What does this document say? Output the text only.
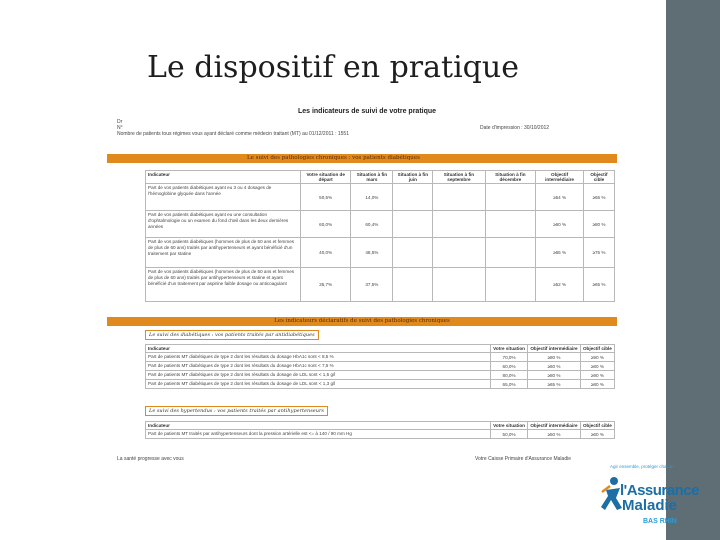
Le dispositif en pratique
Les indicateurs de suivi de votre pratique
Dr
N°
Nombre de patients tous régimes vous ayant déclaré comme médecin traitant (MT) au 01/12/2011 : 1551
Date d'impression : 30/10/2012
Le suivi des pathologies chroniques : vos patients diabétiques
Indicateur	Votre situation de départ	Situation à fin mars	Situation à fin juin	Situation à fin septembre	Situation à fin décembre	Objectif intermédiaire	Objectif cible
Part de vos patients diabétiques ayant eu 3 ou 4 dosages de l'hémoglobine glyquée dans l'année	50,5%	14,0%				≥54 %	≥65 %
Part de vos patients diabétiques ayant eu une consultation d'ophtalmologie ou un examen du fond d'œil dans les deux dernières années	60,0%	60,4%				≥60 %	≥80 %
Part de vos patients diabétiques (hommes de plus de 50 ans et femmes de plus de 60 ans) traités par antihypertenseurs et ayant bénéficié d'un traitement par statine	40,0%	48,5%				≥65 %	≥75 %
Part de vos patients diabétiques (hommes de plus de 50 ans et femmes de plus de 60 ans) traités par antihypertenseurs et statine et ayant bénéficié d'un traitement par aspirine faible dosage ou anticoagulant	35,7%	37,5%				≥52 %	≥65 %
Les indicateurs déclaratifs de suivi des pathologies chroniques
Le suivi des diabétiques : vos patients traités par antidiabétiques
Indicateur	Votre situation	Objectif intermédiaire	Objectif cible
Part de patients MT diabétiques de type 2 dont les résultats du dosage HbA1c sont < 8,5 %	70,0%	≥80 %	≥90 %
Part de patients MT diabétiques de type 2 dont les résultats du dosage HbA1c sont < 7,5 %	60,0%	≥60 %	≥80 %
Part de patients MT diabétiques de type 2 dont les résultats du dosage de LDL sont < 1,5 g/l	80,0%	≥80 %	≥90 %
Part de patients MT diabétiques de type 2 dont les résultats du dosage de LDL sont < 1,3 g/l	65,0%	≥65 %	≥80 %
Le suivi des hypertendus : vos patients traités par antihypertenseurs
Indicateur	Votre situation	Objectif intermédiaire	Objectif cible
Part de patients MT traités par antihypertenseurs dont la pression artérielle est <= à 140 / 90 mm Hg	50,0%	≥50 %	≥60 %
La santé progresse avec vous	Votre Caisse Primaire d'Assurance Maladie
Agir ensemble, protéger chacun
l'Assurance
Maladie
BAS RHIN
